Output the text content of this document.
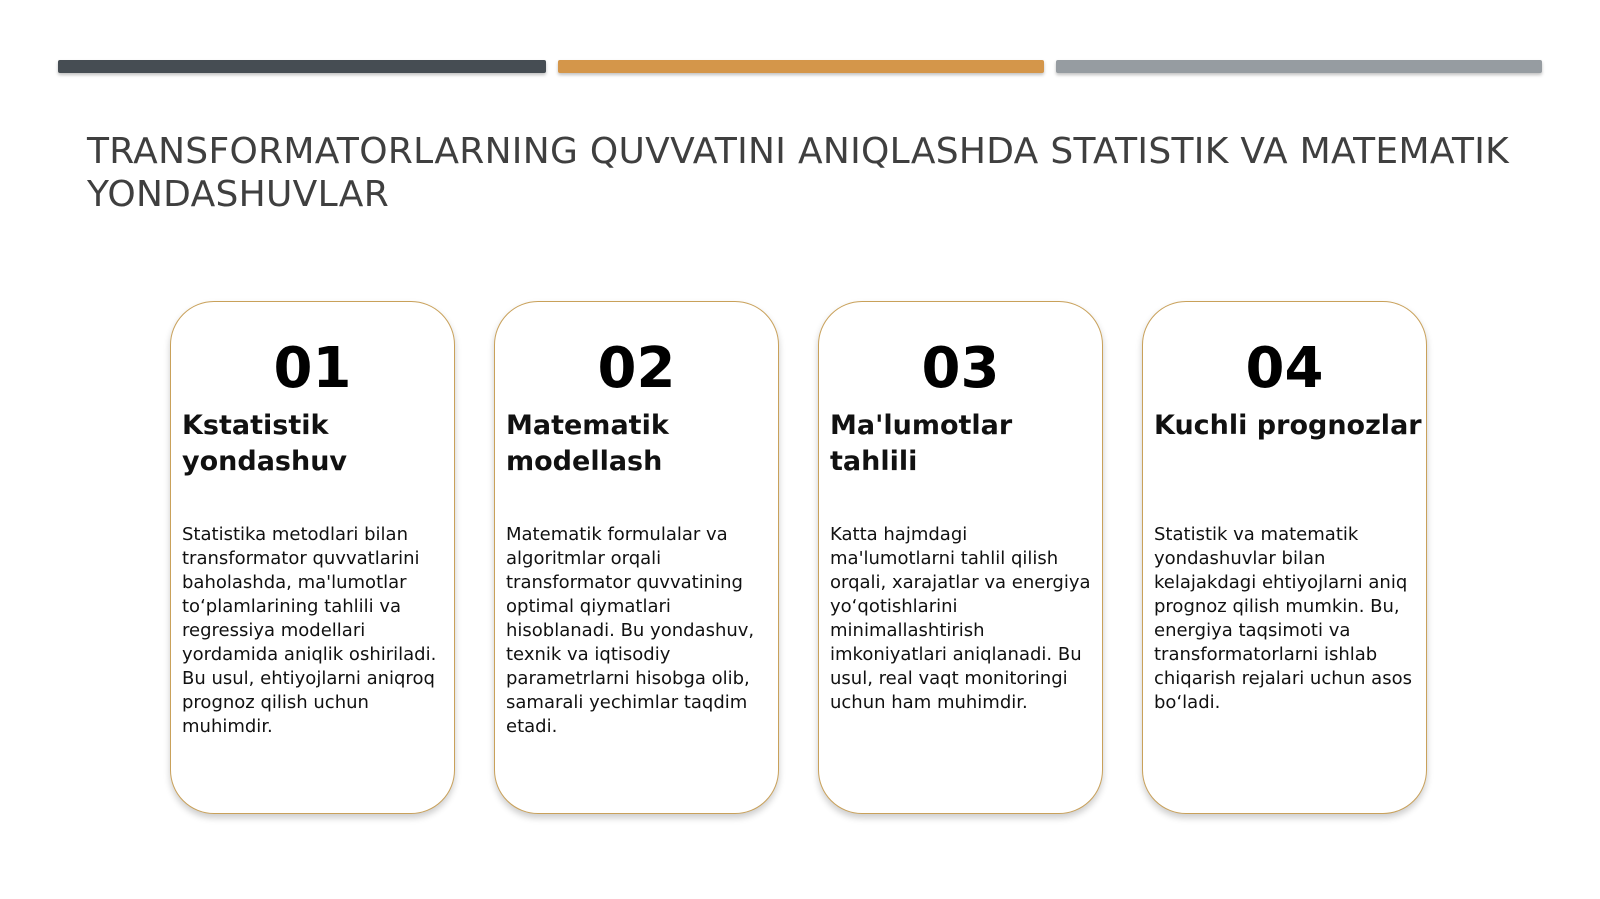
TRANSFORMATORLARNING QUVVATINI ANIQLASHDA STATISTIK VA MATEMATIK YONDASHUVLAR
01
Kstatistik yondashuv

Statistika metodlari bilan transformator quvvatlarini baholashda, ma'lumotlar to‘plamlarining tahlili va regressiya modellari yordamida aniqlik oshiriladi. Bu usul, ehtiyojlarni aniqroq prognoz qilish uchun muhimdir.

02
Matematik modellash

Matematik formulalar va algoritmlar orqali transformator quvvatining optimal qiymatlari hisoblanadi. Bu yondashuv, texnik va iqtisodiy parametrlarni hisobga olib, samarali yechimlar taqdim etadi.

03
Ma'lumotlar tahlili

Katta hajmdagi ma'lumotlarni tahlil qilish orqali, xarajatlar va energiya yo‘qotishlarini minimallashtirish imkoniyatlari aniqlanadi. Bu usul, real vaqt monitoringi uchun ham muhimdir.

04
Kuchli prognozlar

Statistik va matematik yondashuvlar bilan kelajakdagi ehtiyojlarni aniq prognoz qilish mumkin. Bu, energiya taqsimoti va transformatorlarni ishlab chiqarish rejalari uchun asos bo‘ladi.
